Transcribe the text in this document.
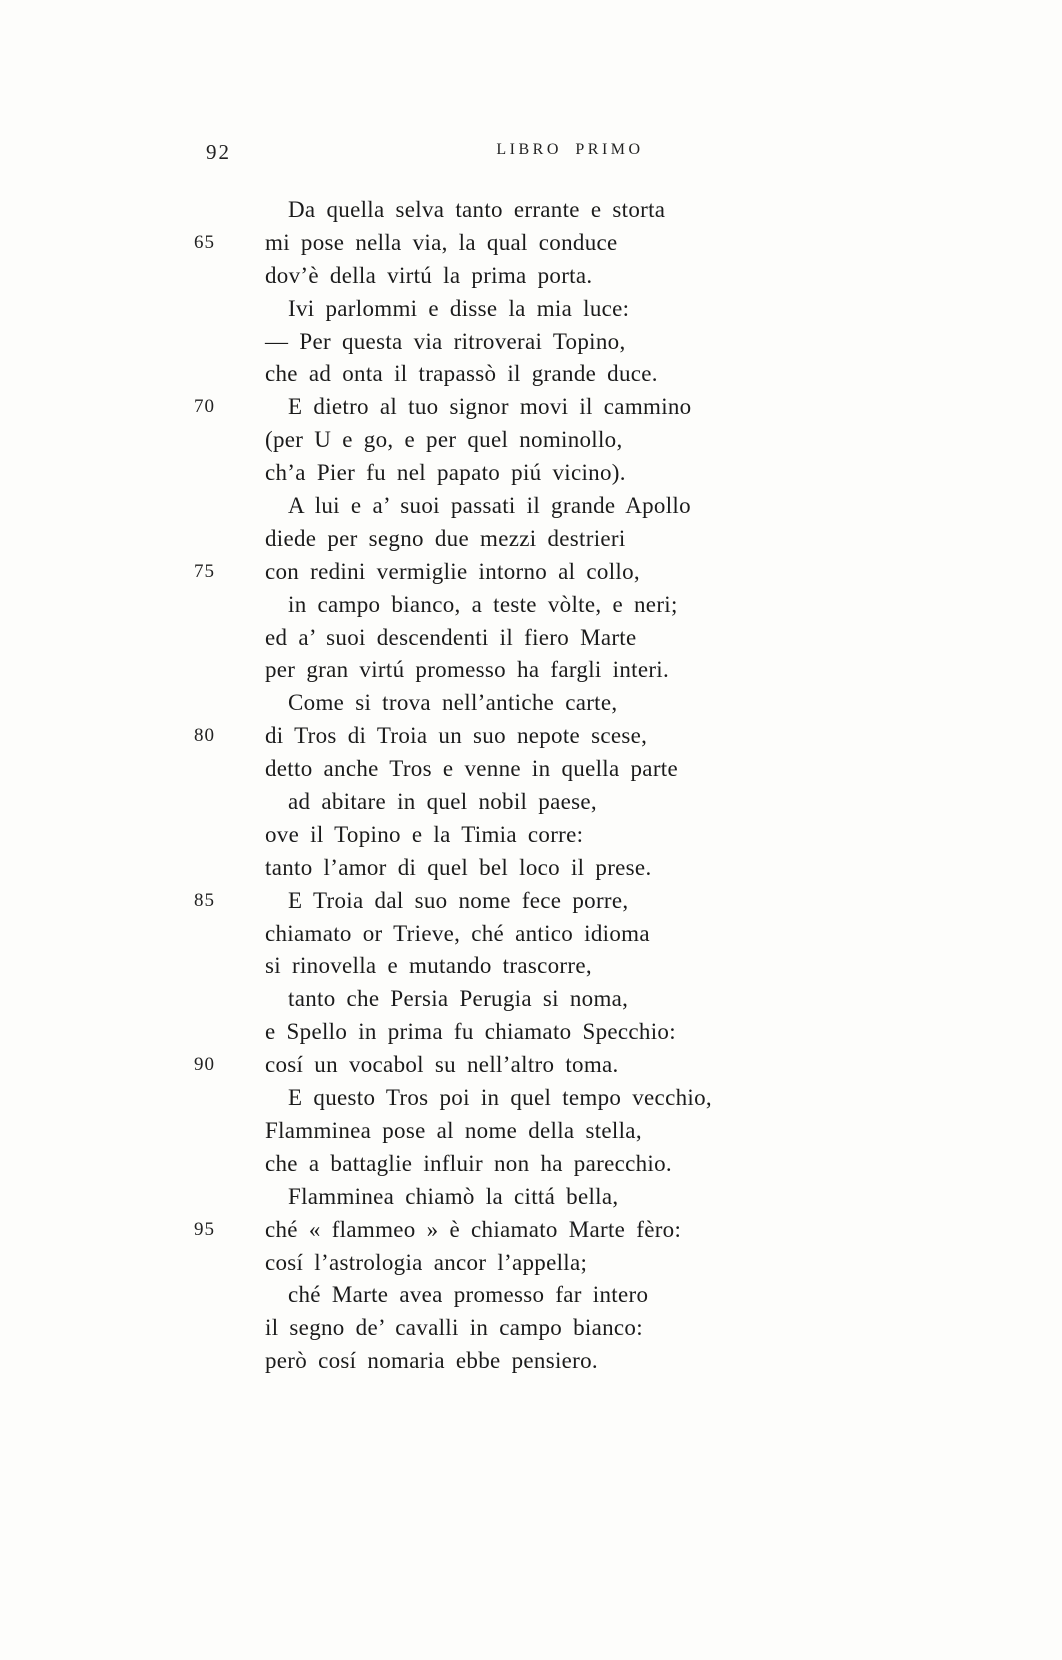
92	LIBRO PRIMO
Da quella selva tanto errante e storta
65	mi pose nella via, la qual conduce
dov’è della virtú la prima porta.
Ivi parlommi e disse la mia luce:
— Per questa via ritroverai Topino,
che ad onta il trapassò il grande duce.
70	E dietro al tuo signor movi il cammino
(per U e go, e per quel nominollo,
ch’a Pier fu nel papato piú vicino).
A lui e a’ suoi passati il grande Apollo
diede per segno due mezzi destrieri
75	con redini vermiglie intorno al collo,
in campo bianco, a teste vòlte, e neri;
ed a’ suoi descendenti il fiero Marte
per gran virtú promesso ha fargli interi.
Come si trova nell’antiche carte,
80	di Tros di Troia un suo nepote scese,
detto anche Tros e venne in quella parte
ad abitare in quel nobil paese,
ove il Topino e la Timia corre:
tanto l’amor di quel bel loco il prese.
85	E Troia dal suo nome fece porre,
chiamato or Trieve, ché antico idioma
si rinovella e mutando trascorre,
tanto che Persia Perugia si noma,
e Spello in prima fu chiamato Specchio:
90	cosí un vocabol su nell’altro toma.
E questo Tros poi in quel tempo vecchio,
Flamminea pose al nome della stella,
che a battaglie influir non ha parecchio.
Flamminea chiamò la cittá bella,
95	ché « flammeo » è chiamato Marte fèro:
cosí l’astrologia ancor l’appella;
ché Marte avea promesso far intero
il segno de’ cavalli in campo bianco:
però cosí nomaria ebbe pensiero.
